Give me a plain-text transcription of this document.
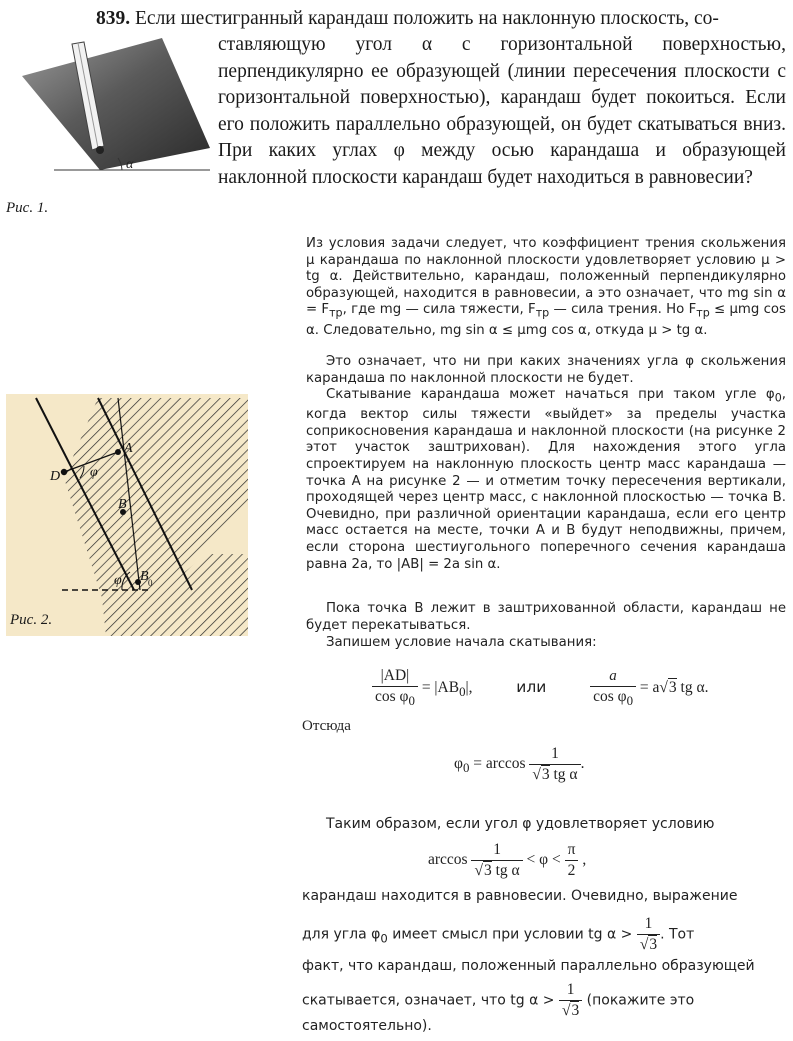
839. Если шестигранный карандаш положить на наклонную плоскость, со-
ставляющую угол α с горизонтальной поверхностью, перпендикулярно ее образующей (линии пересечения плоскости с горизонтальной поверхностью), карандаш будет покоиться. Если его положить параллельно образующей, он будет скатываться вниз. При каких углах φ между осью карандаша и образующей наклонной плоскости карандаш будет находиться в равновесии?
α
Рис. 1.
A
B
D
B 0
φ
φ
Рис. 2.
Из условия задачи следует, что коэффициент трения скольжения μ карандаша по наклонной плоскости удовлетворяет условию μ > tg α. Действительно, карандаш, положенный перпендикулярно образующей, находится в равновесии, а это означает, что mg $\sin \alpha = F_{тр}$, где mg — сила тяжести, $F_{тр}$ — сила трения. Но $F_{тр} \le \mu mg$ cos α. Следовательно, mg sin α ≤ μmg cos α, откуда μ > tg α.

Это означает, что ни при каких значениях угла φ скольжения карандаша по наклонной плоскости не будет.

Скатывание карандаша может начаться при таком угле $\varphi_0$, когда вектор силы тяжести «выйдет» за пределы участка соприкосновения карандаша и наклонной плоскости (на рисунке 2 этот участок заштрихован). Для нахождения этого угла спроектируем на наклонную плоскость центр масс карандаша — точка A на рисунке 2 — и отметим точку пересечения вертикали, проходящей через центр масс, с наклонной плоскостью — точка B. Очевидно, при различной ориентации карандаша, если его центр масс остается на месте, точки A и B будут неподвижны, причем, если сторона шестиугольного поперечного сечения карандаша равна 2a, то |AB| = 2a sin α.

Пока точка B лежит в заштрихованной области, карандаш не будет перекатываться.

Запишем условие начала скатывания:

$\frac{|AD|}{\cos \varphi_0} = |AB_0|$,	или	$\frac{a}{\cos \varphi_0} = a√3$ tg α.
Отсюда
$\varphi_0 = \arccos \frac{1}{\text{√3 tg α}}$ .
Таким образом, если угол φ удовлетворяет условию
$\arccos \frac{1}{\text{√3 tg α}} < \varphi < \frac{\pi}{2}$ ,
карандаш находится в равновесии. Очевидно, выражение
для угла $\varphi_0$ имеет смысл при условии tg $\alpha > \frac{1}{√3}$ . Тот
факт, что карандаш, положенный параллельно образующей
скатывается, означает, что tg $\alpha > \frac{1}{√3}$ (покажите это
самостоятельно).
